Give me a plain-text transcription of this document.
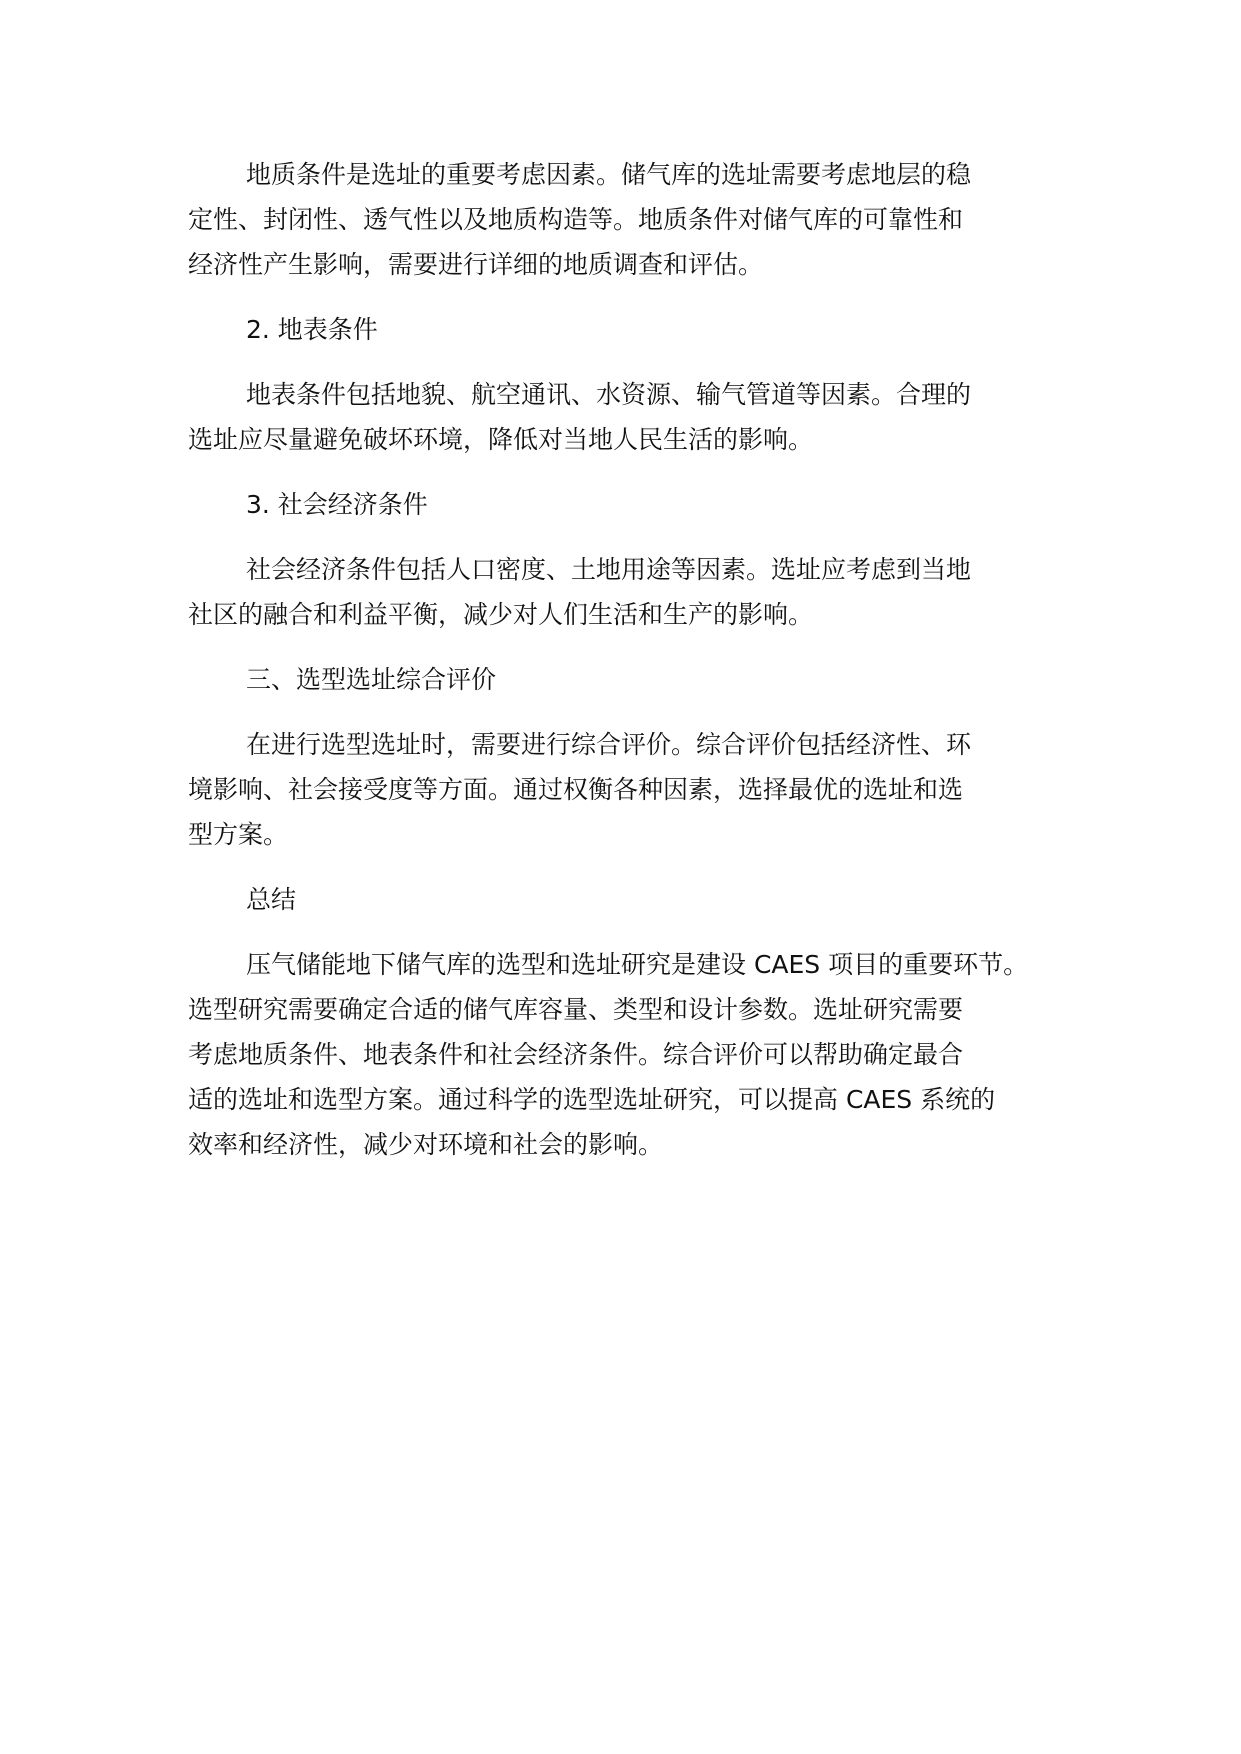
地质条件是选址的重要考虑因素。储气库的选址需要考虑地层的稳
定性、封闭性、透气性以及地质构造等。地质条件对储气库的可靠性和
经济性产生影响，需要进行详细的地质调查和评估。
2. 地表条件
地表条件包括地貌、航空通讯、水资源、输气管道等因素。合理的
选址应尽量避免破坏环境，降低对当地人民生活的影响。
3. 社会经济条件
社会经济条件包括人口密度、土地用途等因素。选址应考虑到当地
社区的融合和利益平衡，减少对人们生活和生产的影响。
三、选型选址综合评价
在进行选型选址时，需要进行综合评价。综合评价包括经济性、环
境影响、社会接受度等方面。通过权衡各种因素，选择最优的选址和选
型方案。
总结
压气储能地下储气库的选型和选址研究是建设 CAES 项目的重要环节。
选型研究需要确定合适的储气库容量、类型和设计参数。选址研究需要
考虑地质条件、地表条件和社会经济条件。综合评价可以帮助确定最合
适的选址和选型方案。通过科学的选型选址研究，可以提高 CAES 系统的
效率和经济性，减少对环境和社会的影响。
